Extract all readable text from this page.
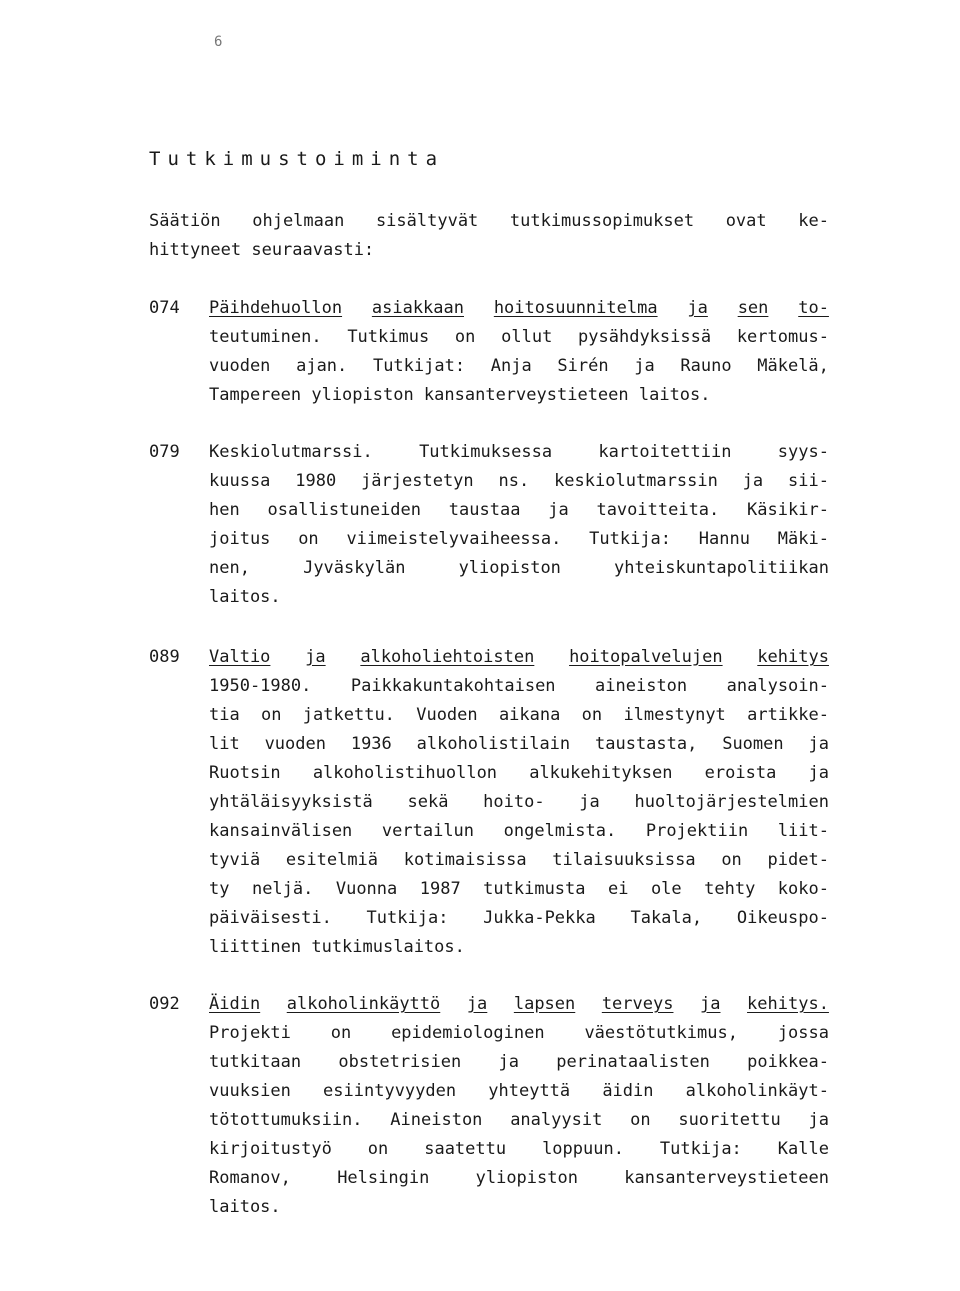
6
Tutkimustoiminta
Säätiön ohjelmaan sisältyvät tutkimussopimukset ovat ke-
hittyneet seuraavasti:
074 Päihdehuollon asiakkaan hoitosuunnitelma ja sen to-
teutuminen. Tutkimus on ollut pysähdyksissä kertomus-
vuoden ajan. Tutkijat: Anja Sirén ja Rauno Mäkelä,
Tampereen yliopiston kansanterveystieteen laitos.
079 Keskiolutmarssi.	Tutkimuksessa	kartoitettiin	syys-
kuussa 1980 järjestetyn ns. keskiolutmarssin ja sii-
hen osallistuneiden taustaa ja tavoitteita. Käsikir-
joitus on viimeistelyvaiheessa. Tutkija: Hannu Mäki-
nen,	Jyväskylän	yliopiston	yhteiskuntapolitiikan
laitos.
089 Valtio ja alkoholiehtoisten hoitopalvelujen kehitys
1950-1980. Paikkakuntakohtaisen aineiston analysoin-
tia on jatkettu. Vuoden aikana on ilmestynyt artikke-
lit vuoden 1936 alkoholistilain taustasta, Suomen ja
Ruotsin alkoholistihuollon alkukehityksen eroista ja
yhtäläisyyksistä sekä hoito- ja huoltojärjestelmien
kansainvälisen vertailun ongelmista. Projektiin liit-
tyviä esitelmiä kotimaisissa tilaisuuksissa on pidet-
ty neljä. Vuonna 1987 tutkimusta ei ole tehty koko-
päiväisesti. Tutkija: Jukka-Pekka Takala, Oikeuspo-
liittinen tutkimuslaitos.
092 Äidin alkoholinkäyttö ja lapsen terveys ja kehitys.
Projekti on epidemiologinen väestötutkimus, jossa
tutkitaan obstetrisien ja perinataalisten poikkea-
vuuksien esiintyvyyden yhteyttä äidin alkoholinkäyt-
tötottumuksiin. Aineiston analyysit on suoritettu ja
kirjoitustyö on saatettu loppuun. Tutkija: Kalle
Romanov,	Helsingin	yliopiston	kansanterveystieteen
laitos.
